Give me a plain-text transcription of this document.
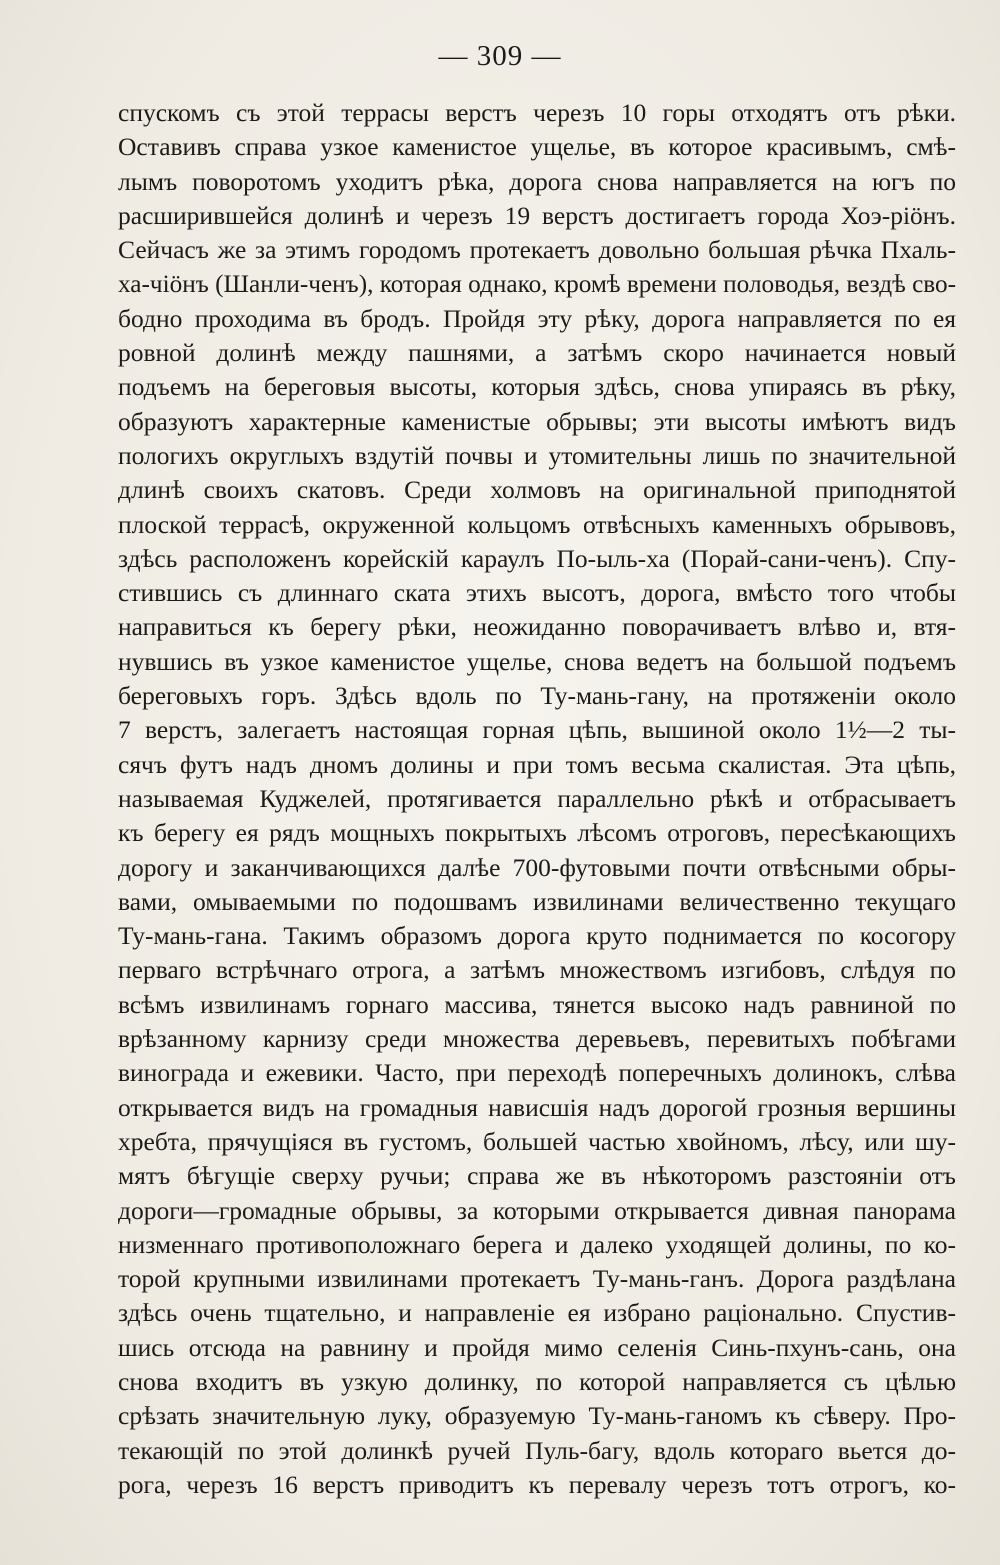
— 309 —
спускомъ съ этой террасы верстъ черезъ 10 горы отходятъ отъ рѣки.
Оставивъ справа узкое каменистое ущелье, въ которое красивымъ, смѣ-
лымъ поворотомъ уходитъ рѣка, дорога снова направляется на югъ по
расширившейся долинѣ и черезъ 19 верстъ достигаетъ города Хоэ-ріöнъ.
Сейчасъ же за этимъ городомъ протекаетъ довольно большая рѣчка Пхаль-
ха-чiöнъ (Шанли-ченъ), которая однако, кромѣ времени половодья, вездѣ сво-
бодно проходима въ бродъ. Пройдя эту рѣку, дорога направляется по ея
ровной долинѣ между пашнями, а затѣмъ скоро начинается новый
подъемъ на береговыя высоты, которыя здѣсь, снова упираясь въ рѣку,
образуютъ характерные каменистые обрывы; эти высоты имѣютъ видъ
пологихъ округлыхъ вздутій почвы и утомительны лишь по значительной
длинѣ своихъ скатовъ. Среди холмовъ на оригинальной приподнятой
плоской террасѣ, окруженной кольцомъ отвѣсныхъ каменныхъ обрывовъ,
здѣсь расположенъ корейскій караулъ По-ыль-ха (Порай-сани-ченъ). Спу-
стившись съ длиннаго ската этихъ высотъ, дорога, вмѣсто того чтобы
направиться къ берегу рѣки, неожиданно поворачиваетъ влѣво и, втя-
нувшись въ узкое каменистое ущелье, снова ведетъ на большой подъемъ
береговыхъ горъ. Здѣсь вдоль по Ту-мань-гану, на протяженіи около
7 верстъ, залегаетъ настоящая горная цѣпь, вышиной около 1½—2 ты-
сячъ футъ надъ дномъ долины и при томъ весьма скалистая. Эта цѣпь,
называемая Куджелей, протягивается параллельно рѣкѣ и отбрасываетъ
къ берегу ея рядъ мощныхъ покрытыхъ лѣсомъ отроговъ, пересѣкающихъ
дорогу и заканчивающихся далѣе 700-футовыми почти отвѣсными обры-
вами, омываемыми по подошвамъ извилинами величественно текущаго
Ту-мань-гана. Такимъ образомъ дорога круто поднимается по косогору
перваго встрѣчнаго отрога, а затѣмъ множествомъ изгибовъ, слѣдуя по
всѣмъ извилинамъ горнаго массива, тянется высоко надъ равниной по
врѣзанному карнизу среди множества деревьевъ, перевитыхъ побѣгами
винограда и ежевики. Часто, при переходѣ поперечныхъ долинокъ, слѣва
открывается видъ на громадныя нависшія надъ дорогой грозныя вершины
хребта, прячущіяся въ густомъ, большей частью хвойномъ, лѣсу, или шу-
мятъ бѣгущіе сверху ручьи; справа же въ нѣкоторомъ разстояніи отъ
дороги—громадные обрывы, за которыми открывается дивная панорама
низменнаго противоположнаго берега и далеко уходящей долины, по ко-
торой крупными извилинами протекаетъ Ту-мань-ганъ. Дорога раздѣлана
здѣсь очень тщательно, и направленіе ея избрано раціонально. Спустив-
шись отсюда на равнину и пройдя мимо селенія Синь-пхунъ-сань, она
снова входитъ въ узкую долинку, по которой направляется съ цѣлью
срѣзать значительную луку, образуемую Ту-мань-ганомъ къ сѣверу. Про-
текающій по этой долинкѣ ручей Пуль-багу, вдоль котораго вьется до-
рога, черезъ 16 верстъ приводитъ къ перевалу черезъ тотъ отрогъ, ко-
